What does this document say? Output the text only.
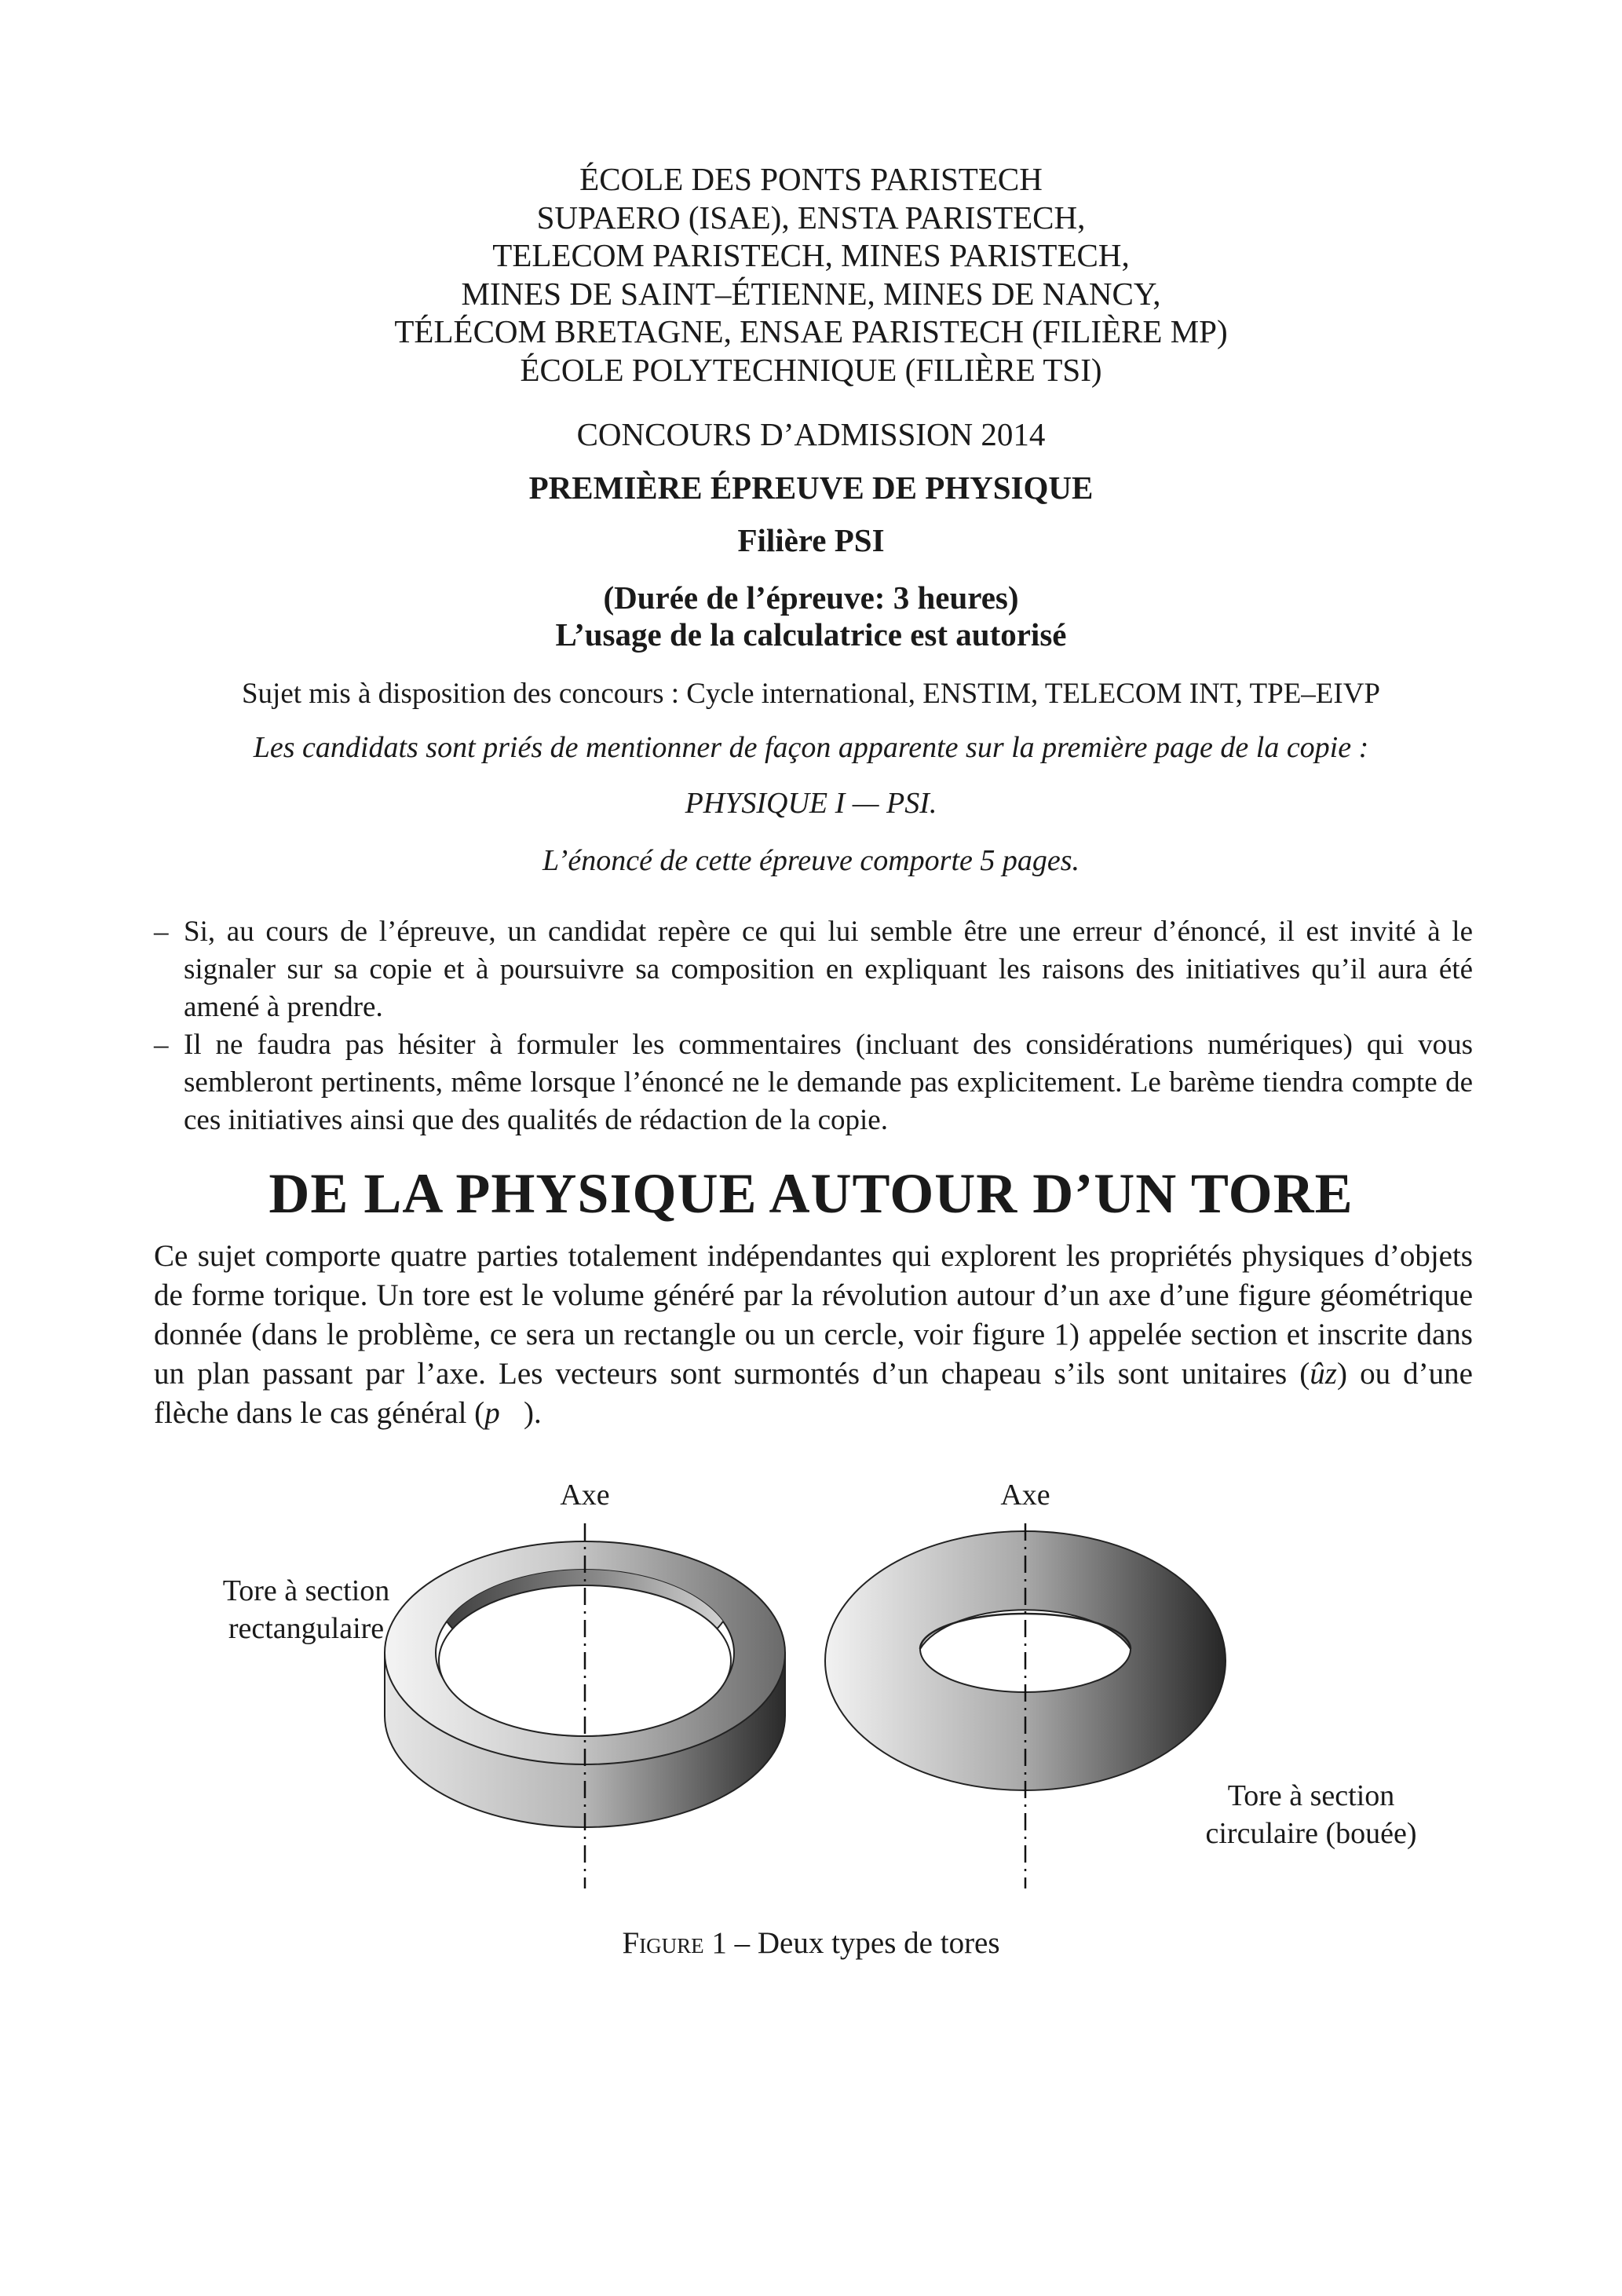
ÉCOLE DES PONTS PARISTECH
SUPAERO (ISAE), ENSTA PARISTECH,
TELECOM PARISTECH, MINES PARISTECH,
MINES DE SAINT–ÉTIENNE, MINES DE NANCY,
TÉLÉCOM BRETAGNE, ENSAE PARISTECH (FILIÈRE MP)
ÉCOLE POLYTECHNIQUE (FILIÈRE TSI)
CONCOURS D’ADMISSION 2014
PREMIÈRE ÉPREUVE DE PHYSIQUE
Filière PSI
(Durée de l’épreuve: 3 heures)
L’usage de la calculatrice est autorisé
Sujet mis à disposition des concours : Cycle international, ENSTIM, TELECOM INT, TPE–EIVP
Les candidats sont priés de mentionner de façon apparente sur la première page de la copie :
PHYSIQUE I — PSI.
L’énoncé de cette épreuve comporte 5 pages.
– Si, au cours de l’épreuve, un candidat repère ce qui lui semble être une erreur d’énoncé, il est invité à le signaler sur sa copie et à poursuivre sa composition en expliquant les raisons des initiatives qu’il aura été amené à prendre.
– Il ne faudra pas hésiter à formuler les commentaires (incluant des considérations numériques) qui vous sembleront pertinents, même lorsque l’énoncé ne le demande pas explicitement. Le barème tiendra compte de ces initiatives ainsi que des qualités de rédaction de la copie.
DE LA PHYSIQUE AUTOUR D’UN TORE
Ce sujet comporte quatre parties totalement indépendantes qui explorent les propriétés physiques d’objets de forme torique. Un tore est le volume généré par la révolution autour d’un axe d’une figure géométrique donnée (dans le problème, ce sera un rectangle ou un cercle, voir figure 1) appelée section et inscrite dans un plan passant par l’axe. Les vecteurs sont surmontés d’un chapeau s’ils sont unitaires (ûz) ou d’une flèche dans le cas général (p⃗).
Axe	Axe
Tore à section
rectangulaire
Tore à section
circulaire (bouée)
Figure 1 – Deux types de tores
